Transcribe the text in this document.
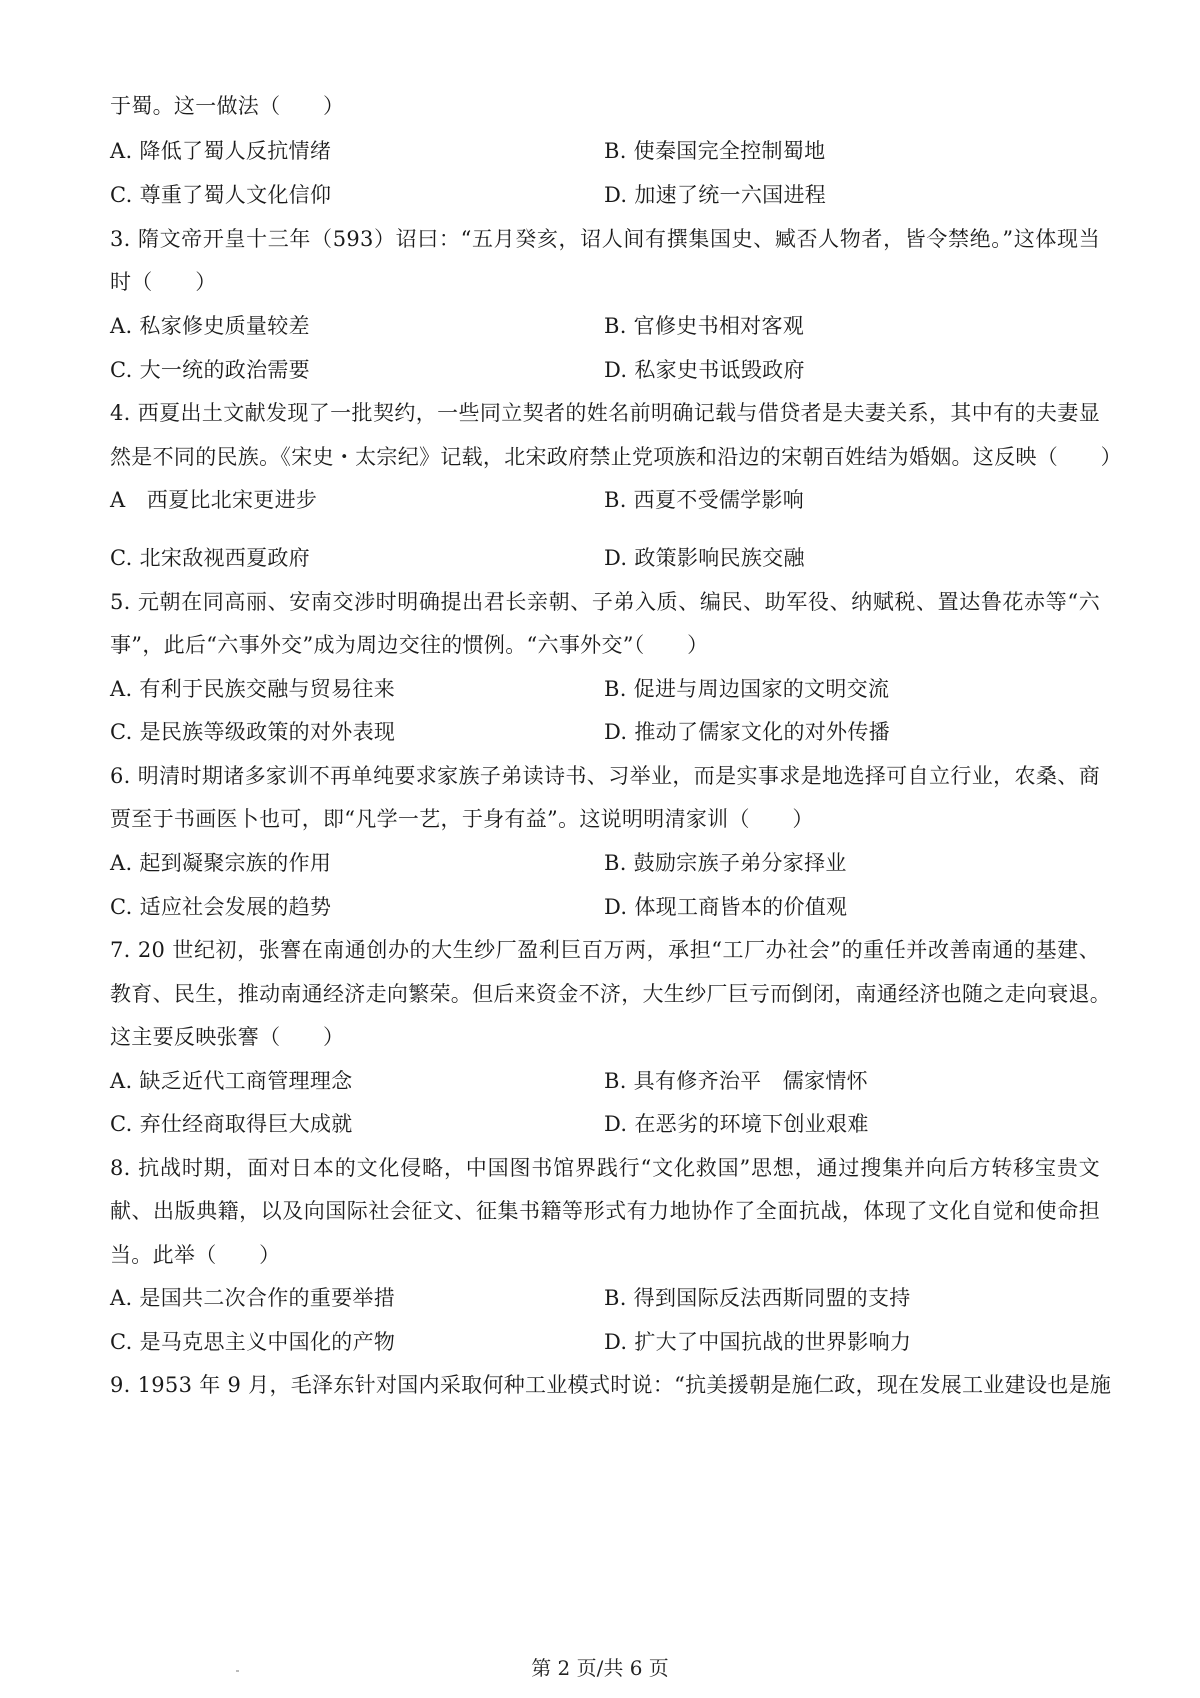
于蜀。这一做法（　　）
A. 降低了蜀人反抗情绪	B. 使秦国完全控制蜀地
C. 尊重了蜀人文化信仰	D. 加速了统一六国进程
3. 隋文帝开皇十三年（593）诏曰：“五月癸亥，诏人间有撰集国史、臧否人物者，皆令禁绝。”这体现当
时（　　）
A. 私家修史质量较差	B. 官修史书相对客观
C. 大一统的政治需要	D. 私家史书诋毁政府
4. 西夏出土文献发现了一批契约，一些同立契者的姓名前明确记载与借贷者是夫妻关系，其中有的夫妻显
然是不同的民族。《宋史・太宗纪》记载，北宋政府禁止党项族和沿边的宋朝百姓结为婚姻。这反映（　　）
A　西夏比北宋更进步	B. 西夏不受儒学影响
C. 北宋敌视西夏政府	D. 政策影响民族交融
5. 元朝在同高丽、安南交涉时明确提出君长亲朝、子弟入质、编民、助军役、纳赋税、置达鲁花赤等“六
事”，此后“六事外交”成为周边交往的惯例。“六事外交”（　　）
A. 有利于民族交融与贸易往来	B. 促进与周边国家的文明交流
C. 是民族等级政策的对外表现	D. 推动了儒家文化的对外传播
6. 明清时期诸多家训不再单纯要求家族子弟读诗书、习举业，而是实事求是地选择可自立行业，农桑、商
贾至于书画医卜也可，即“凡学一艺，于身有益”。这说明明清家训（　　）
A. 起到凝聚宗族的作用	B. 鼓励宗族子弟分家择业
C. 适应社会发展的趋势	D. 体现工商皆本的价值观
7. 20 世纪初，张謇在南通创办的大生纱厂盈利巨百万两，承担“工厂办社会”的重任并改善南通的基建、
教育、民生，推动南通经济走向繁荣。但后来资金不济，大生纱厂巨亏而倒闭，南通经济也随之走向衰退。
这主要反映张謇（　　）
A. 缺乏近代工商管理理念	B. 具有修齐治平　儒家情怀
C. 弃仕经商取得巨大成就	D. 在恶劣的环境下创业艰难
8. 抗战时期，面对日本的文化侵略，中国图书馆界践行“文化救国”思想，通过搜集并向后方转移宝贵文
献、出版典籍，以及向国际社会征文、征集书籍等形式有力地协作了全面抗战，体现了文化自觉和使命担
当。此举（　　）
A. 是国共二次合作的重要举措	B. 得到国际反法西斯同盟的支持
C. 是马克思主义中国化的产物	D. 扩大了中国抗战的世界影响力
9. 1953 年 9 月，毛泽东针对国内采取何种工业模式时说：“抗美援朝是施仁政，现在发展工业建设也是施
第 2 页/共 6 页
